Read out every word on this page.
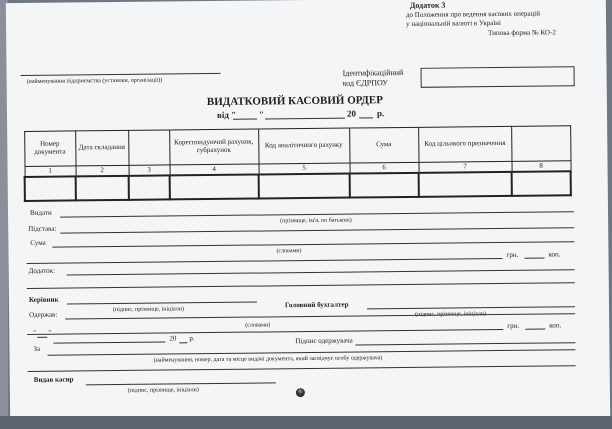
Додаток 3
до Положення про ведення касових операцій
у національній валюті в Україні
Типова форма № КО-2
(найменування підприємства (установи, організації))
Ідентифікаційний
код ЄДРПОУ
ВИДАТКОВИЙ КАСОВИЙ ОРДЕР
від "	"	20 р.
Номер документа	Дата складання		Кореспондуючий рахунок, субрахунок	Код аналітичного рахунку	Сума	Код цільового призначення	
1	2	3	4	5	6	7	8

Видати
(прізвище, ім'я, по батькові)
Підстава:
Сума
(словами)	грн.	коп.
Додаток:
Керівник
(підпис, прізвище, ініціали)
Головний бухгалтер
(підпис, прізвище, ініціали)
Одержав:
(словами)	грн.	коп.
" "
20 р.	Підпис одержувача
За
(найменування, номер, дата та місце видачі документа, який засвідчує особу одержувача)
Видав касир
(підпис, прізвище, ініціали)	®
